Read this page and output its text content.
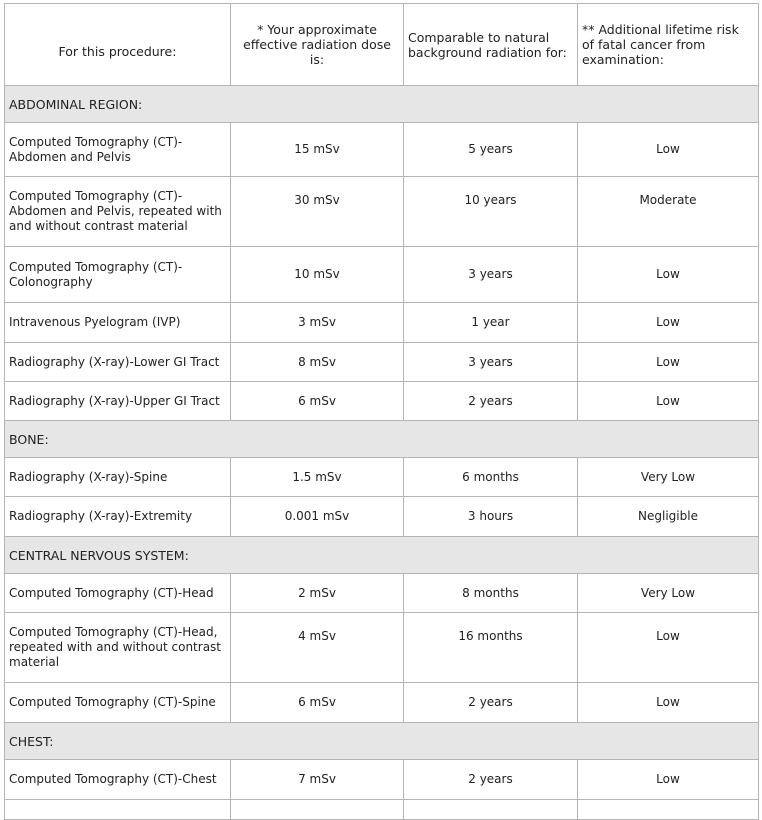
For this procedure:	* Your approximate effective radiation dose is:	Comparable to natural background radiation for:	** Additional lifetime risk of fatal cancer from examination:
ABDOMINAL REGION:			
Computed Tomography (CT)-Abdomen and Pelvis	15 mSv	5 years	Low
Computed Tomography (CT)-Abdomen and Pelvis, repeated with and without contrast material	30 mSv	10 years	Moderate
Computed Tomography (CT)-Colonography	10 mSv	3 years	Low
Intravenous Pyelogram (IVP)	3 mSv	1 year	Low
Radiography (X-ray)-Lower GI Tract	8 mSv	3 years	Low
Radiography (X-ray)-Upper GI Tract	6 mSv	2 years	Low
BONE:			
Radiography (X-ray)-Spine	1.5 mSv	6 months	Very Low
Radiography (X-ray)-Extremity	0.001 mSv	3 hours	Negligible
CENTRAL NERVOUS SYSTEM:			
Computed Tomography (CT)-Head	2 mSv	8 months	Very Low
Computed Tomography (CT)-Head, repeated with and without contrast material	4 mSv	16 months	Low
Computed Tomography (CT)-Spine	6 mSv	2 years	Low
CHEST:			
Computed Tomography (CT)-Chest	7 mSv	2 years	Low
